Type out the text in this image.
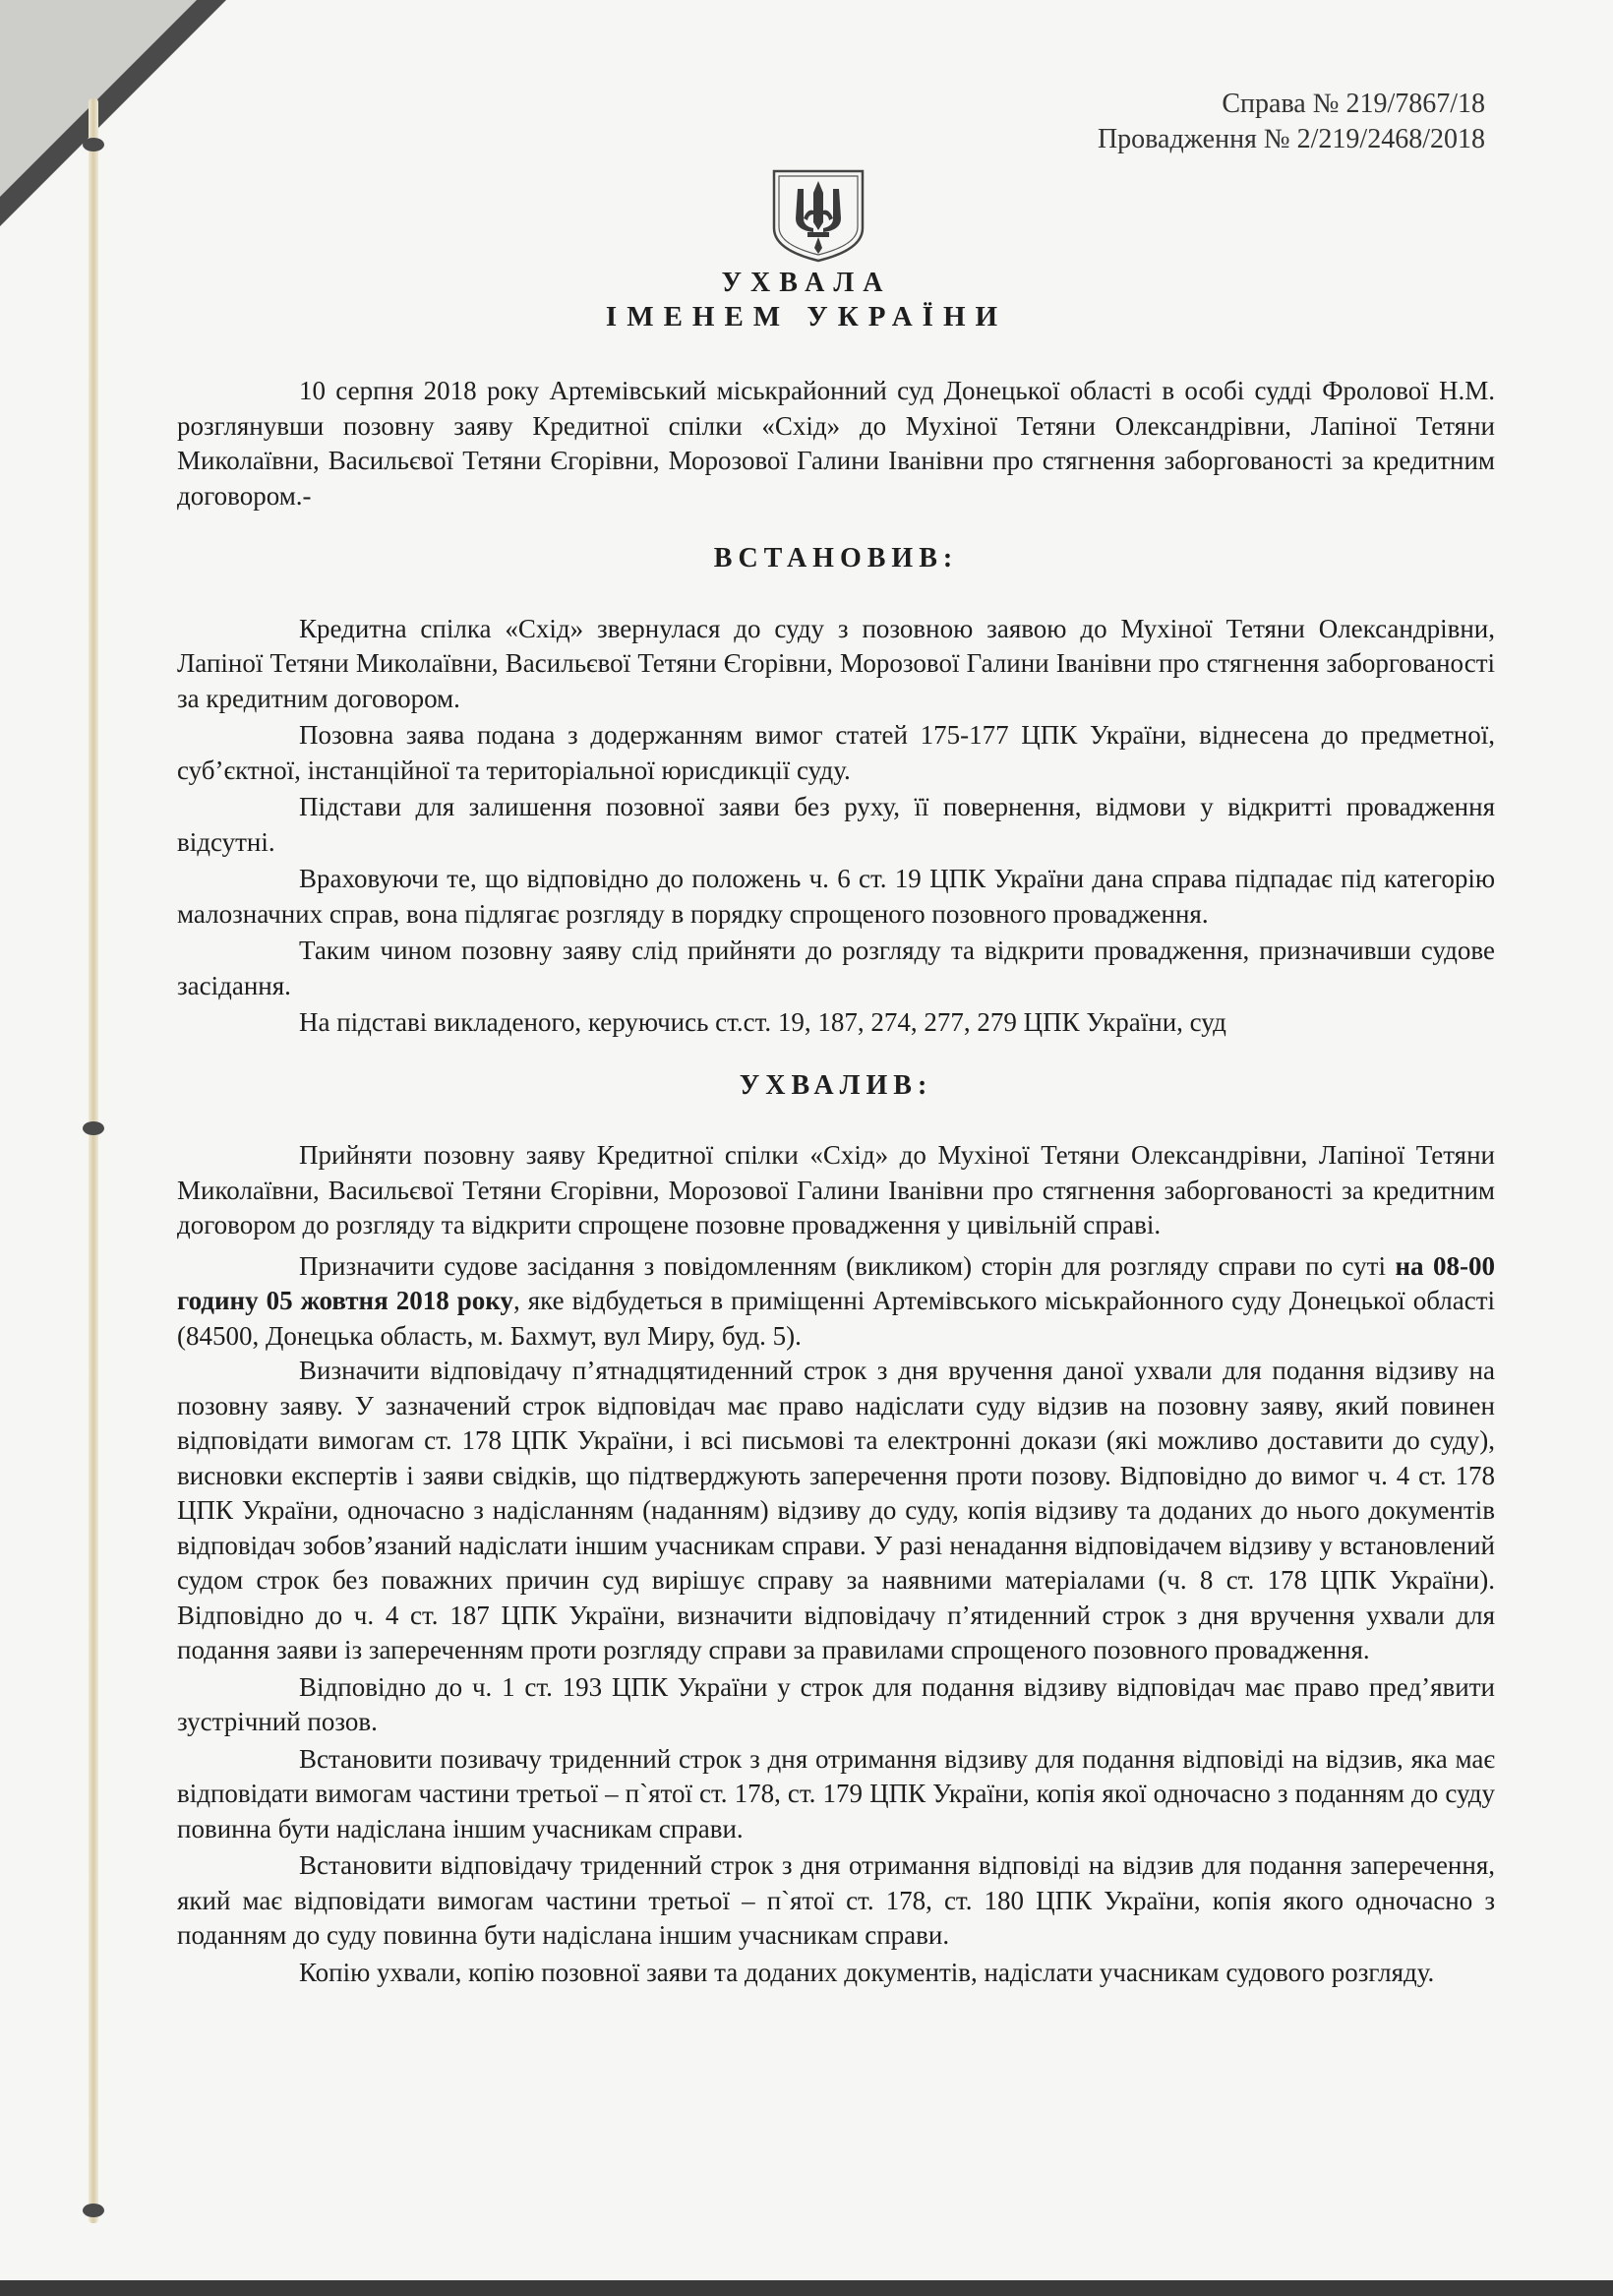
Справа № 219/7867/18
Провадження № 2/219/2468/2018
УХВАЛА
ІМЕНЕМ УКРАЇНИ

10 серпня 2018 року Артемівський міськрайонний суд Донецької області в особі судді Фролової Н.М. розглянувши позовну заяву Кредитної спілки «Схід» до Мухіної Тетяни Олександрівни, Лапіної Тетяни Миколаївни, Васильєвої Тетяни Єгорівни, Морозової Галини Іванівни про стягнення заборгованості за кредитним договором.-

ВСТАНОВИВ:

Кредитна спілка «Схід» звернулася до суду з позовною заявою до Мухіної Тетяни Олександрівни, Лапіної Тетяни Миколаївни, Васильєвої Тетяни Єгорівни, Морозової Галини Іванівни про стягнення заборгованості за кредитним договором.

Позовна заява подана з додержанням вимог статей 175-177 ЦПК України, віднесена до предметної, суб’єктної, інстанційної та територіальної юрисдикції суду.

Підстави для залишення позовної заяви без руху, її повернення, відмови у відкритті провадження відсутні.

Враховуючи те, що відповідно до положень ч. 6 ст. 19 ЦПК України дана справа підпадає під категорію малозначних справ, вона підлягає розгляду в порядку спрощеного позовного провадження.

Таким чином позовну заяву слід прийняти до розгляду та відкрити провадження, призначивши судове засідання.

На підставі викладеного, керуючись ст.ст. 19, 187, 274, 277, 279 ЦПК України, суд

УХВАЛИВ:

Прийняти позовну заяву Кредитної спілки «Схід» до Мухіної Тетяни Олександрівни, Лапіної Тетяни Миколаївни, Васильєвої Тетяни Єгорівни, Морозової Галини Іванівни про стягнення заборгованості за кредитним договором до розгляду та відкрити спрощене позовне провадження у цивільній справі.

Призначити судове засідання з повідомленням (викликом) сторін для розгляду справи по суті на 08-00 годину 05 жовтня 2018 року, яке відбудеться в приміщенні Артемівського міськрайонного суду Донецької області (84500, Донецька область, м. Бахмут, вул Миру, буд. 5).

Визначити відповідачу п’ятнадцятиденний строк з дня вручення даної ухвали для подання відзиву на позовну заяву. У зазначений строк відповідач має право надіслати суду відзив на позовну заяву, який повинен відповідати вимогам ст. 178 ЦПК України, і всі письмові та електронні докази (які можливо доставити до суду), висновки експертів і заяви свідків, що підтверджують заперечення проти позову. Відповідно до вимог ч. 4 ст. 178 ЦПК України, одночасно з надісланням (наданням) відзиву до суду, копія відзиву та доданих до нього документів відповідач зобов’язаний надіслати іншим учасникам справи. У разі ненадання відповідачем відзиву у встановлений судом строк без поважних причин суд вирішує справу за наявними матеріалами (ч. 8 ст. 178 ЦПК України). Відповідно до ч. 4 ст. 187 ЦПК України, визначити відповідачу п’ятиденний строк з дня вручення ухвали для подання заяви із запереченням проти розгляду справи за правилами спрощеного позовного провадження.

Відповідно до ч. 1 ст. 193 ЦПК України у строк для подання відзиву відповідач має право пред’явити зустрічний позов.

Встановити позивачу триденний строк з дня отримання відзиву для подання відповіді на відзив, яка має відповідати вимогам частини третьої – п`ятої ст. 178, ст. 179 ЦПК України, копія якої одночасно з поданням до суду повинна бути надіслана іншим учасникам справи.

Встановити відповідачу триденний строк з дня отримання відповіді на відзив для подання заперечення, який має відповідати вимогам частини третьої – п`ятої ст. 178, ст. 180 ЦПК України, копія якого одночасно з поданням до суду повинна бути надіслана іншим учасникам справи.

Копію ухвали, копію позовної заяви та доданих документів, надіслати учасникам судового розгляду.
